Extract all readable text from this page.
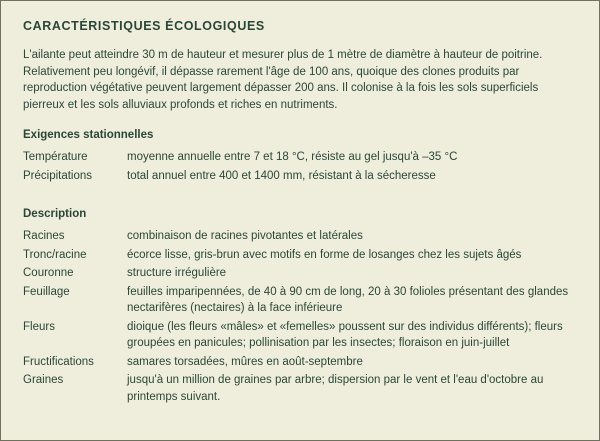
CARACTÉRISTIQUES ÉCOLOGIQUES

L'ailante peut atteindre 30 m de hauteur et mesurer plus de 1 mètre de diamètre à hauteur de poitrine. Relativement peu longévif, il dépasse rarement l'âge de 100 ans, quoique des clones produits par reproduction végétative peuvent largement dépasser 200 ans. Il colonise à la fois les sols superficiels pierreux et les sols alluviaux profonds et riches en nutriments.

Exigences stationnelles
Température	moyenne annuelle entre 7 et 18 °C, résiste au gel jusqu'à –35 °C
Précipitations	total annuel entre 400 et 1400 mm, résistant à la sécheresse
Description
Racines	combinaison de racines pivotantes et latérales
Tronc/racine	écorce lisse, gris-brun avec motifs en forme de losanges chez les sujets âgés
Couronne	structure irrégulière
Feuillage	feuilles imparipennées, de 40 à 90 cm de long, 20 à 30 folioles présentant des glandes nectarifères (nectaires) à la face inférieure
Fleurs	dioique (les fleurs «mâles» et «femelles» poussent sur des individus différents); fleurs groupées en panicules; pollinisation par les insectes; floraison en juin-juillet
Fructifications	samares torsadées, mûres en août-septembre
Graines	jusqu'à un million de graines par arbre; dispersion par le vent et l'eau d'octobre au printemps suivant.
